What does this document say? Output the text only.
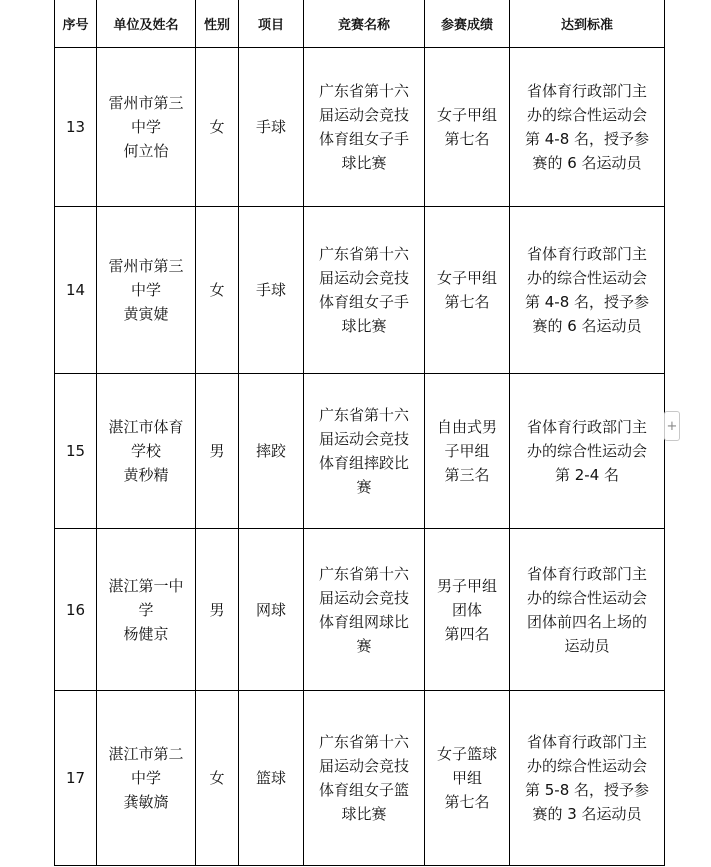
序号	单位及姓名	性别	项目	竞赛名称	参赛成绩	达到标准
13	雷州市第三
中学
何立怡	女	手球	广东省第十六
届运动会竞技
体育组女子手
球比赛	女子甲组
第七名	省体育行政部门主
办的综合性运动会
第 4-8 名，授予参
赛的 6 名运动员

14	雷州市第三
中学
黄寅婕	女	手球	广东省第十六
届运动会竞技
体育组女子手
球比赛	女子甲组
第七名	省体育行政部门主
办的综合性运动会
第 4-8 名，授予参
赛的 6 名运动员

15	湛江市体育
学校
黄秒精	男	摔跤	广东省第十六
届运动会竞技
体育组摔跤比
赛	自由式男
子甲组
第三名	省体育行政部门主
办的综合性运动会
第 2-4 名

16	湛江第一中
学
杨健京	男	网球	广东省第十六
届运动会竞技
体育组网球比
赛	男子甲组
团体
第四名	省体育行政部门主
办的综合性运动会
团体前四名上场的
运动员

17	湛江市第二
中学
龚敏旖	女	篮球	广东省第十六
届运动会竞技
体育组女子篮
球比赛	女子篮球
甲组
第七名	省体育行政部门主
办的综合性运动会
第 5-8 名，授予参
赛的 3 名运动员
+
